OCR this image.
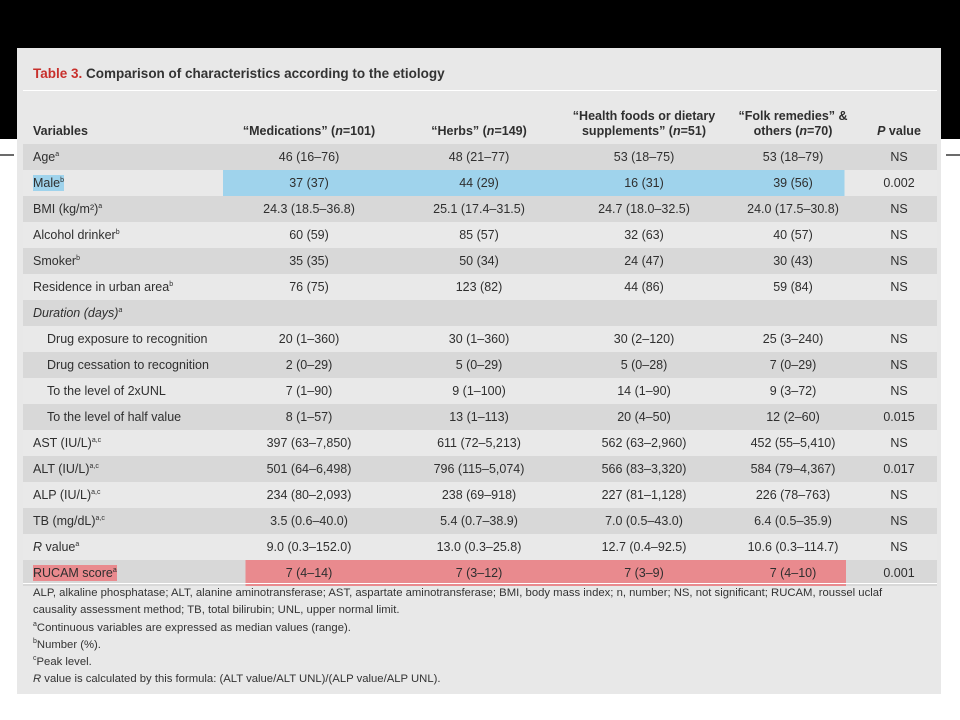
Table 3. Comparison of characteristics according to the etiology
Variables	“Medications” (n=101)	“Herbs” (n=149)	“Health foods or dietary
supplements” (n=51)	“Folk remedies” &
others (n=70)	P value
Age$^a$	46 (16–76)	48 (21–77)	53 (18–75)	53 (18–79)	NS
Male$^b$	37 (37)	44 (29)	16 (31)	39 (56)	0.002
BMI $(kg/m^2)^a$	24.3 (18.5–36.8)	25.1 (17.4–31.5)	24.7 (18.0–32.5)	24.0 (17.5–30.8)	NS
Alcohol drinker$^b$	60 (59)	85 (57)	32 (63)	40 (57)	NS
Smoker$^b$	35 (35)	50 (34)	24 (47)	30 (43)	NS
Residence in urban area$^b$	76 (75)	123 (82)	44 (86)	59 (84)	NS
Duration (days)$^a$
Drug exposure to recognition	20 (1–360)	30 (1–360)	30 (2–120)	25 (3–240)	NS
Drug cessation to recognition	2 (0–29)	5 (0–29)	5 (0–28)	7 (0–29)	NS
To the level of 2xUNL	7 (1–90)	9 (1–100)	14 (1–90)	9 (3–72)	NS
To the level of half value	8 (1–57)	13 (1–113)	20 (4–50)	12 (2–60)	0.015
AST $(IU/L)^{a,c}$	397 (63–7,850)	611 (72–5,213)	562 (63–2,960)	452 (55–5,410)	NS
ALT $(IU/L)^{a,c}$	501 (64–6,498)	796 (115–5,074)	566 (83–3,320)	584 (79–4,367)	0.017
ALP $(IU/L)^{a,c}$	234 (80–2,093)	238 (69–918)	227 (81–1,128)	226 (78–763)	NS
TB $(mg/dL)^{a,c}$	3.5 (0.6–40.0)	5.4 (0.7–38.9)	7.0 (0.5–43.0)	6.4 (0.5–35.9)	NS
R value$^a$	9.0 (0.3–152.0)	13.0 (0.3–25.8)	12.7 (0.4–92.5)	10.6 (0.3–114.7)	NS
RUCAM score$^a$	7 (4–14)	7 (3–12)	7 (3–9)	7 (4–10)	0.001

ALP, alkaline phosphatase; ALT, alanine aminotransferase; AST, aspartate aminotransferase; BMI, body mass index; n, number; NS, not significant; RUCAM, roussel uclaf causality assessment method; TB, total bilirubin; UNL, upper normal limit.

$^a$Continuous variables are expressed as median values (range).

$^b$Number (%).

$^c$Peak level.

R value is calculated by this formula: (ALT value/ALT UNL)/(ALP value/ALP UNL).
